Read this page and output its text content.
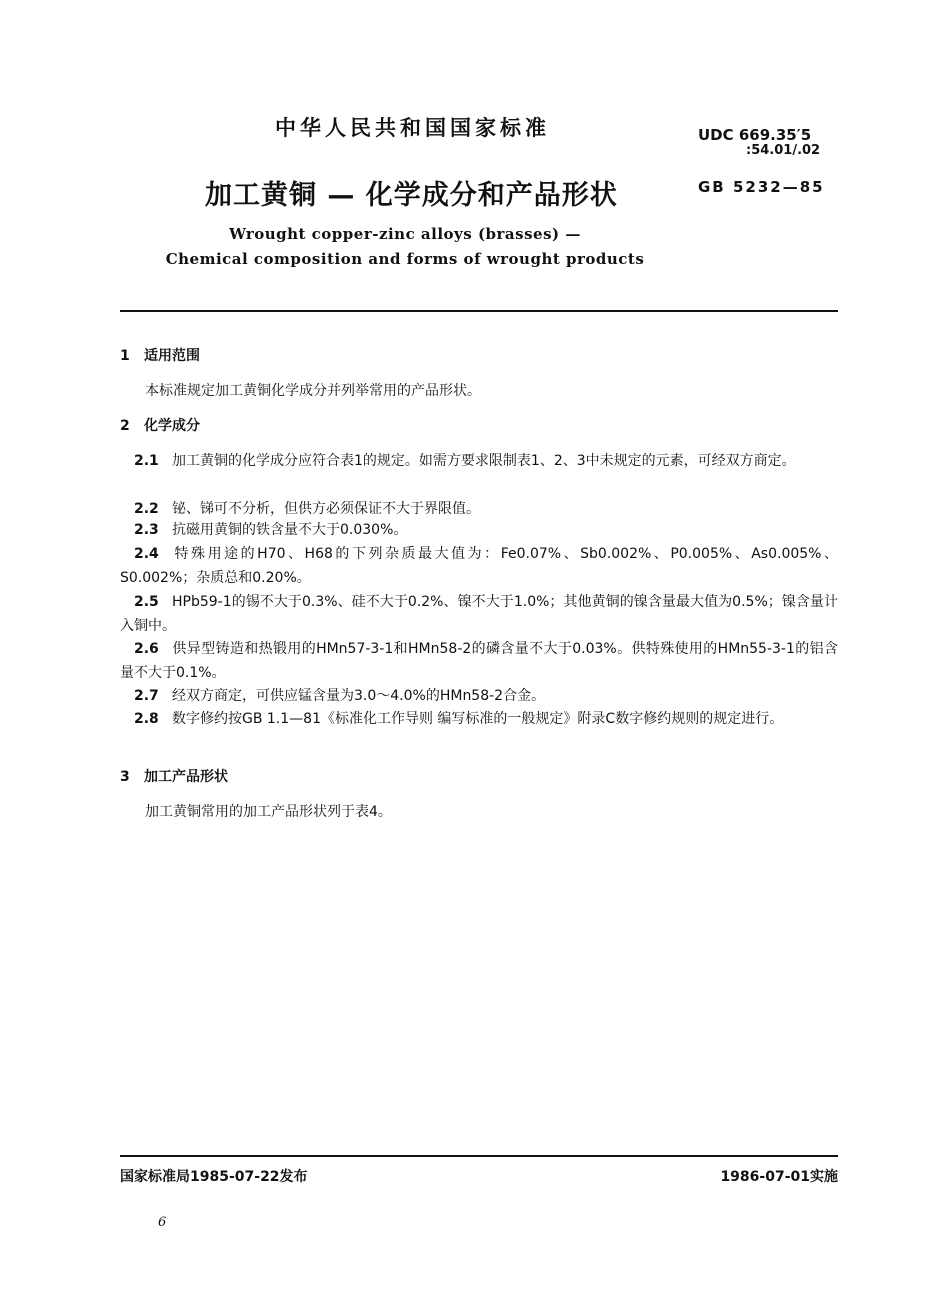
中华人民共和国国家标准	UDC 669.35′5
:54.01/.02
加工黄铜 — 化学成分和产品形状	GB 5232—85
Wrought copper-zinc alloys (brasses) —
Chemical composition and forms of wrought products
1 适用范围
本标准规定加工黄铜化学成分并列举常用的产品形状。
2 化学成分
2.1 加工黄铜的化学成分应符合表1的规定。如需方要求限制表1、2、3中未规定的元素，可经双方商定。
2.2 铋、锑可不分析，但供方必须保证不大于界限值。
2.3 抗磁用黄铜的铁含量不大于0.030%。
2.4 特殊用途的H70、H68的下列杂质最大值为：Fe0.07%、Sb0.002%、P0.005%、As0.005%、S0.002%；杂质总和0.20%。
2.5 HPb59-1的锡不大于0.3%、硅不大于0.2%、镍不大于1.0%；其他黄铜的镍含量最大值为0.5%；镍含量计入铜中。
2.6 供异型铸造和热锻用的HMn57-3-1和HMn58-2的磷含量不大于0.03%。供特殊使用的HMn55-3-1的铝含量不大于0.1%。
2.7 经双方商定，可供应锰含量为3.0～4.0%的HMn58-2合金。
2.8 数字修约按GB 1.1—81《标准化工作导则 编写标准的一般规定》附录C数字修约规则的规定进行。
3 加工产品形状
加工黄铜常用的加工产品形状列于表4。
国家标准局1985-07-22发布	1986-07-01实施
6
